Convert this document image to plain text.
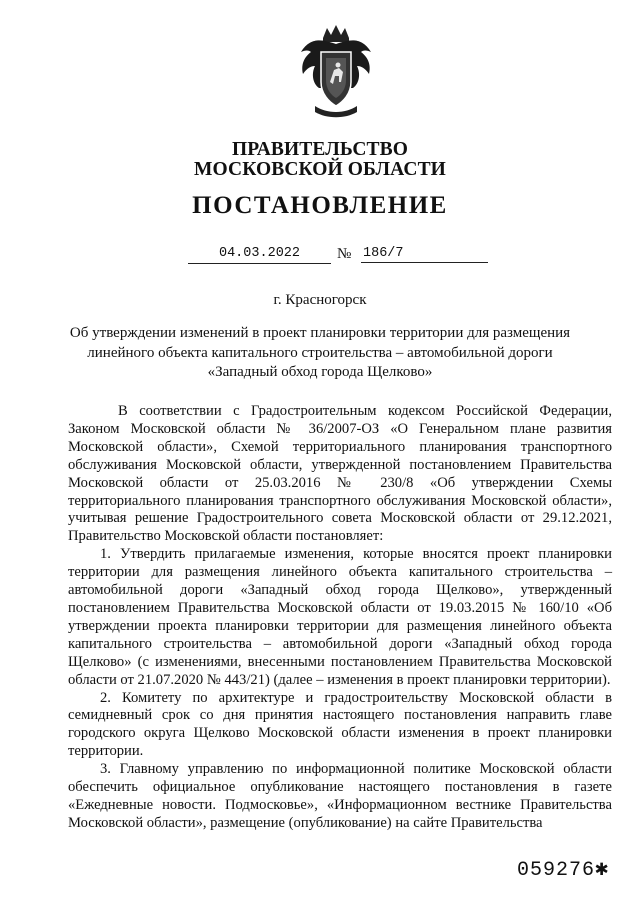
ПРАВИТЕЛЬСТВО
МОСКОВСКОЙ ОБЛАСТИ
ПОСТАНОВЛЕНИЕ
04.03.2022	№ 186/7
г. Красногорск
Об утверждении изменений в проект планировки территории для размещения
линейного объекта капитального строительства – автомобильной дороги
«Западный обход города Щелково»

В соответствии с Градостроительным кодексом Российской Федерации, Законом Московской области № 36/2007-ОЗ «О Генеральном плане развития Московской области», Схемой территориального планирования транспортного обслуживания Московской области, утвержденной постановлением Правительства Московской области от 25.03.2016 № 230/8 «Об утверждении Схемы территориального планирования транспортного обслуживания Московской области», учитывая решение Градостроительного совета Московской области от 29.12.2021, Правительство Московской области постановляет:

1. Утвердить прилагаемые изменения, которые вносятся проект планировки территории для размещения линейного объекта капитального строительства – автомобильной дороги «Западный обход города Щелково», утвержденный постановлением Правительства Московской области от 19.03.2015 № 160/10 «Об утверждении проекта планировки территории для размещения линейного объекта капитального строительства – автомобильной дороги «Западный обход города Щелково» (с изменениями, внесенными постановлением Правительства Московской области от 21.07.2020 № 443/21) (далее – изменения в проект планировки территории).

2. Комитету по архитектуре и градостроительству Московской области в семидневный срок со дня принятия настоящего постановления направить главе городского округа Щелково Московской области изменения в проект планировки территории.

3. Главному управлению по информационной политике Московской области обеспечить официальное опубликование настоящего постановления в газете «Ежедневные новости. Подмосковье», «Информационном вестнике Правительства Московской области», размещение (опубликование) на сайте Правительства

059276✱
